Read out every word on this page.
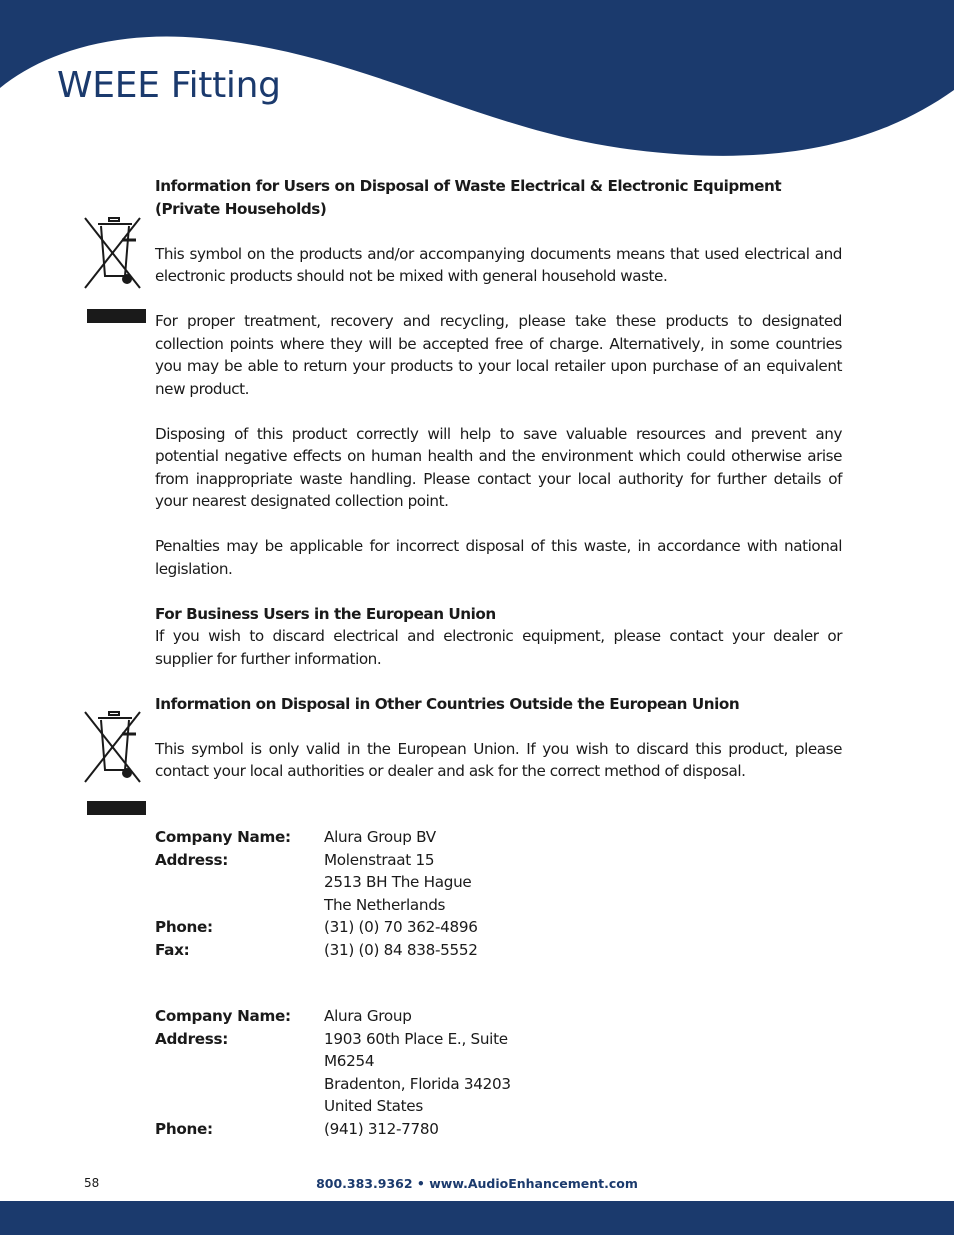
WEEE Fitting

Information for Users on Disposal of Waste Electrical & Electronic Equipment
(Private Households)

This symbol on the products and/or accompanying documents means that used electrical and electronic products should not be mixed with general household waste.

For proper treatment, recovery and recycling, please take these products to designated collection points where they will be accepted free of charge. Alternatively, in some countries you may be able to return your products to your local retailer upon purchase of an equivalent new product.

Disposing of this product correctly will help to save valuable resources and prevent any potential negative effects on human health and the environment which could otherwise arise from inappropriate waste handling. Please contact your local authority for further details of your nearest designated collection point.

Penalties may be applicable for incorrect disposal of this waste, in accordance with national legislation.

For Business Users in the European Union

If you wish to discard electrical and electronic equipment, please contact your dealer or supplier for further information.

Information on Disposal in Other Countries Outside the European Union

This symbol is only valid in the European Union. If you wish to discard this product, please contact your local authorities or dealer and ask for the correct method of disposal.

Company Name:	Alura Group BV
Address:	Molenstraat 15
2513 BH The Hague
The Netherlands
Phone:	(31) (0) 70 362-4896
Fax:	(31) (0) 84 838-5552
Company Name:	Alura Group
Address:	1903 60th Place E., Suite
M6254
Bradenton, Florida 34203
United States
Phone:	(941) 312-7780
58	800.383.9362 • www.AudioEnhancement.com
